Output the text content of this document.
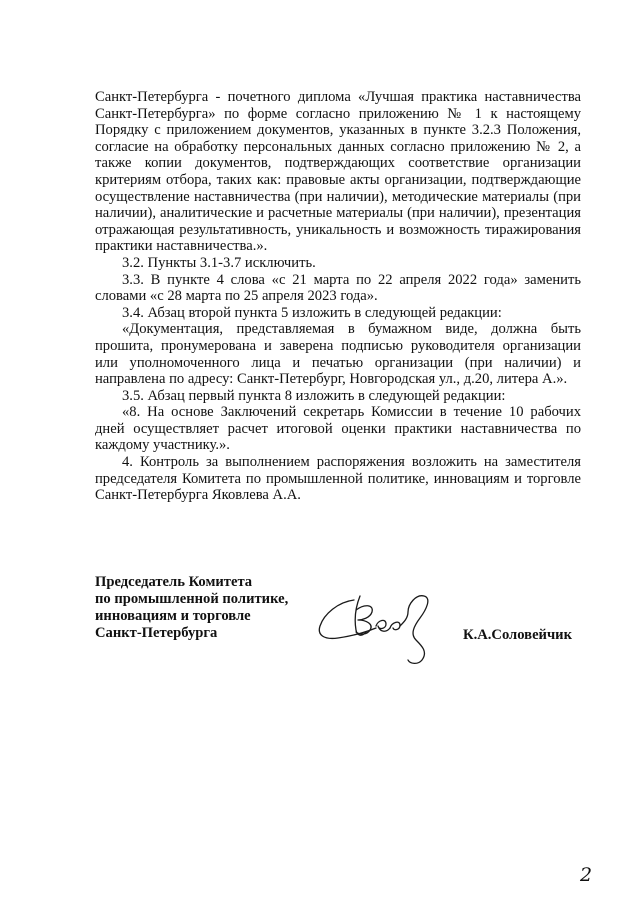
Санкт-Петербурга - почетного диплома «Лучшая практика наставничества Санкт-Петербурга» по форме согласно приложению № 1 к настоящему Порядку с приложением документов, указанных в пункте 3.2.3 Положения, согласие на обработку персональных данных согласно приложению № 2, а также копии документов, подтверждающих соответствие организации критериям отбора, таких как: правовые акты организации, подтверждающие осуществление наставничества (при наличии), методические материалы (при наличии), аналитические и расчетные материалы (при наличии), презентация отражающая результативность, уникальность и возможность тиражирования практики наставничества.».

3.2. Пункты 3.1-3.7 исключить.

3.3. В пункте 4 слова «с 21 марта по 22 апреля 2022 года» заменить словами «с 28 марта по 25 апреля 2023 года».

3.4. Абзац второй пункта 5 изложить в следующей редакции:

«Документация, представляемая в бумажном виде, должна быть прошита, пронумерована и заверена подписью руководителя организации или уполномоченного лица и печатью организации (при наличии) и направлена по адресу: Санкт-Петербург, Новгородская ул., д.20, литера А.».

3.5. Абзац первый пункта 8 изложить в следующей редакции:

«8. На основе Заключений секретарь Комиссии в течение 10 рабочих дней осуществляет расчет итоговой оценки практики наставничества по каждому участнику.».

4. Контроль за выполнением распоряжения возложить на заместителя председателя Комитета по промышленной политике, инновациям и торговле Санкт-Петербурга Яковлева А.А.

Председатель Комитета
по промышленной политике,
инновациям и торговле
Санкт-Петербурга	К.А.Соловейчик
2
